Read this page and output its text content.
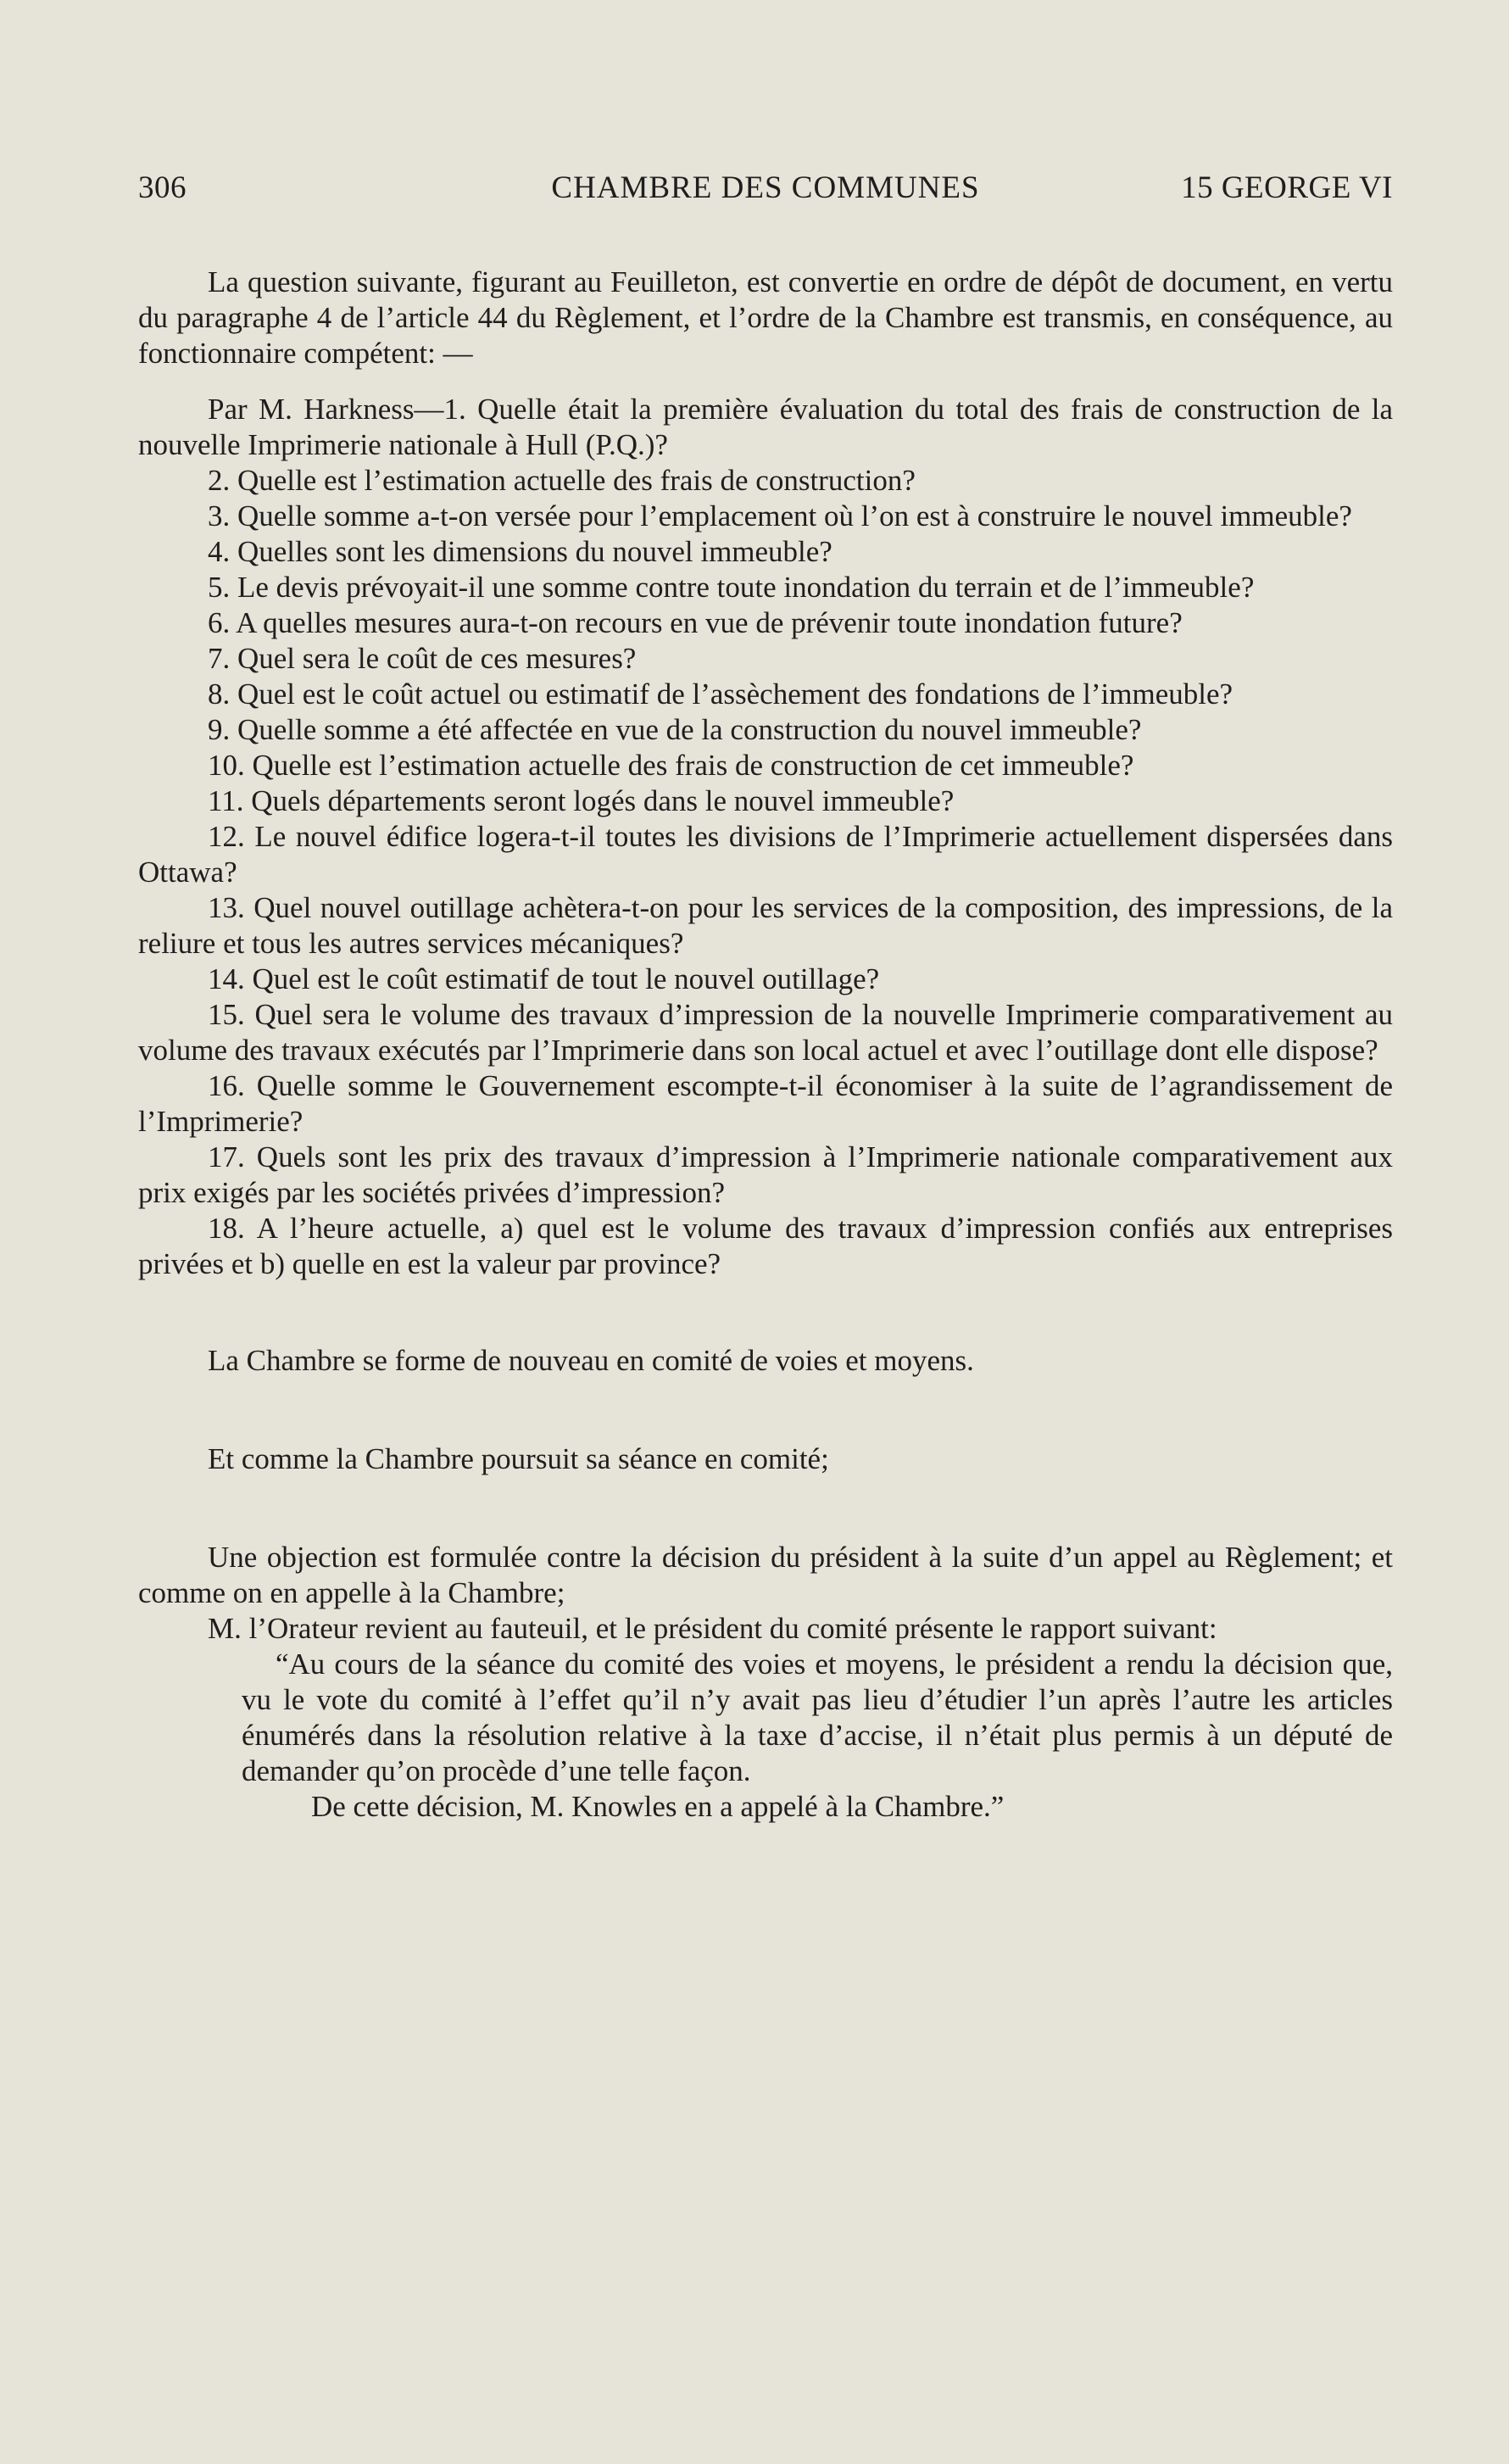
306	CHAMBRE DES COMMUNES	15 GEORGE VI

La question suivante, figurant au Feuilleton, est convertie en ordre de dépôt de document, en vertu du paragraphe 4 de l’article 44 du Règlement, et l’ordre de la Chambre est transmis, en conséquence, au fonctionnaire compétent: —

Par M. Harkness—1. Quelle était la première évaluation du total des frais de construction de la nouvelle Imprimerie nationale à Hull (P.Q.)?

2. Quelle est l’estimation actuelle des frais de construction?

3. Quelle somme a-t-on versée pour l’emplacement où l’on est à construire le nouvel immeuble?

4. Quelles sont les dimensions du nouvel immeuble?

5. Le devis prévoyait-il une somme contre toute inondation du terrain et de l’immeuble?

6. A quelles mesures aura-t-on recours en vue de prévenir toute inondation future?

7. Quel sera le coût de ces mesures?

8. Quel est le coût actuel ou estimatif de l’assèchement des fondations de l’immeuble?

9. Quelle somme a été affectée en vue de la construction du nouvel immeuble?

10. Quelle est l’estimation actuelle des frais de construction de cet immeuble?

11. Quels départements seront logés dans le nouvel immeuble?

12. Le nouvel édifice logera-t-il toutes les divisions de l’Imprimerie actuellement dispersées dans Ottawa?

13. Quel nouvel outillage achètera-t-on pour les services de la composition, des impressions, de la reliure et tous les autres services mécaniques?

14. Quel est le coût estimatif de tout le nouvel outillage?

15. Quel sera le volume des travaux d’impression de la nouvelle Imprimerie comparativement au volume des travaux exécutés par l’Imprimerie dans son local actuel et avec l’outillage dont elle dispose?

16. Quelle somme le Gouvernement escompte-t-il économiser à la suite de l’agrandissement de l’Imprimerie?

17. Quels sont les prix des travaux d’impression à l’Imprimerie nationale comparativement aux prix exigés par les sociétés privées d’impression?

18. A l’heure actuelle, a) quel est le volume des travaux d’impression confiés aux entreprises privées et b) quelle en est la valeur par province?

La Chambre se forme de nouveau en comité de voies et moyens.

Et comme la Chambre poursuit sa séance en comité;

Une objection est formulée contre la décision du président à la suite d’un appel au Règlement; et comme on en appelle à la Chambre;

M. l’Orateur revient au fauteuil, et le président du comité présente le rapport suivant:

“Au cours de la séance du comité des voies et moyens, le président a rendu la décision que, vu le vote du comité à l’effet qu’il n’y avait pas lieu d’étudier l’un après l’autre les articles énumérés dans la résolution relative à la taxe d’accise, il n’était plus permis à un député de demander qu’on procède d’une telle façon.

De cette décision, M. Knowles en a appelé à la Chambre.”
